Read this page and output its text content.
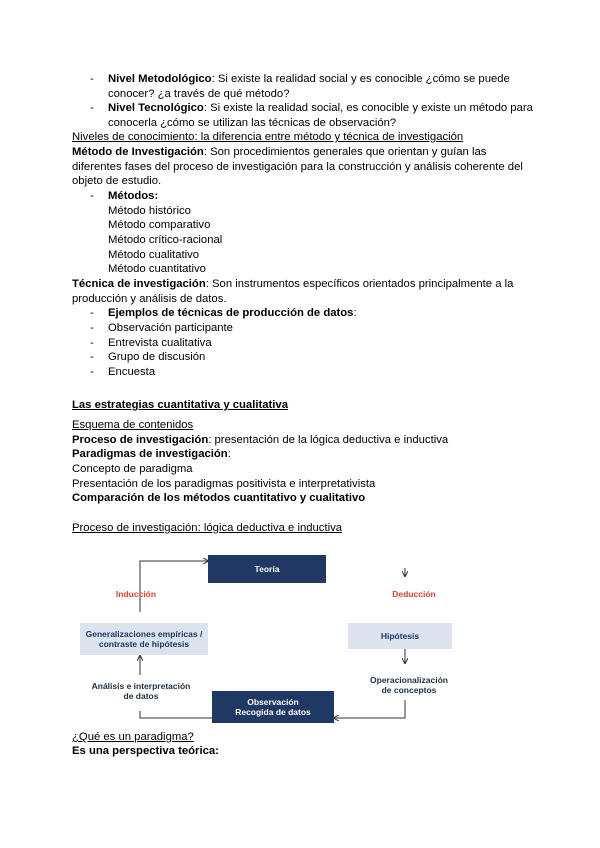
- Nivel Metodológico: Si existe la realidad social y es conocible ¿cómo se puede
conocer? ¿a través de qué método?
- Nivel Tecnológico: Si existe la realidad social, es conocible y existe un método para
conocerla ¿cómo se utilizan las técnicas de observación?
Niveles de conocimiento: la diferencia entre método y técnica de investigación
Método de Investigación: Son procedimientos generales que orientan y guían las
diferentes fases del proceso de investigación para la construcción y análisis coherente del
objeto de estudio.
- Métodos:
Método histórico
Método comparativo
Método crítico-racional
Método cualitativo
Método cuantitativo
Técnica de investigación: Son instrumentos específicos orientados principalmente a la
producción y análisis de datos.
- Ejemplos de técnicas de producción de datos:
- Observación participante
- Entrevista cualitativa
- Grupo de discusión
- Encuesta
Las estrategias cuantitativa y cualitativa
Esquema de contenidos
Proceso de investigación: presentación de la lógica deductiva e inductiva
Paradigmas de investigación:
Concepto de paradigma
Presentación de los paradigmas positivista e interpretativista
Comparación de los métodos cuantitativo y cualitativo
Proceso de investigación: lógica deductiva e inductiva
Teoría
Inducción	Deducción
Generalizaciones empíricas /
contraste de hipótesis
Hipótesis
Análisis e interpretación
de datos
Operacionalización
de conceptos
Observación
Recogida de datos
¿Qué es un paradigma?
Es una perspectiva teórica:
